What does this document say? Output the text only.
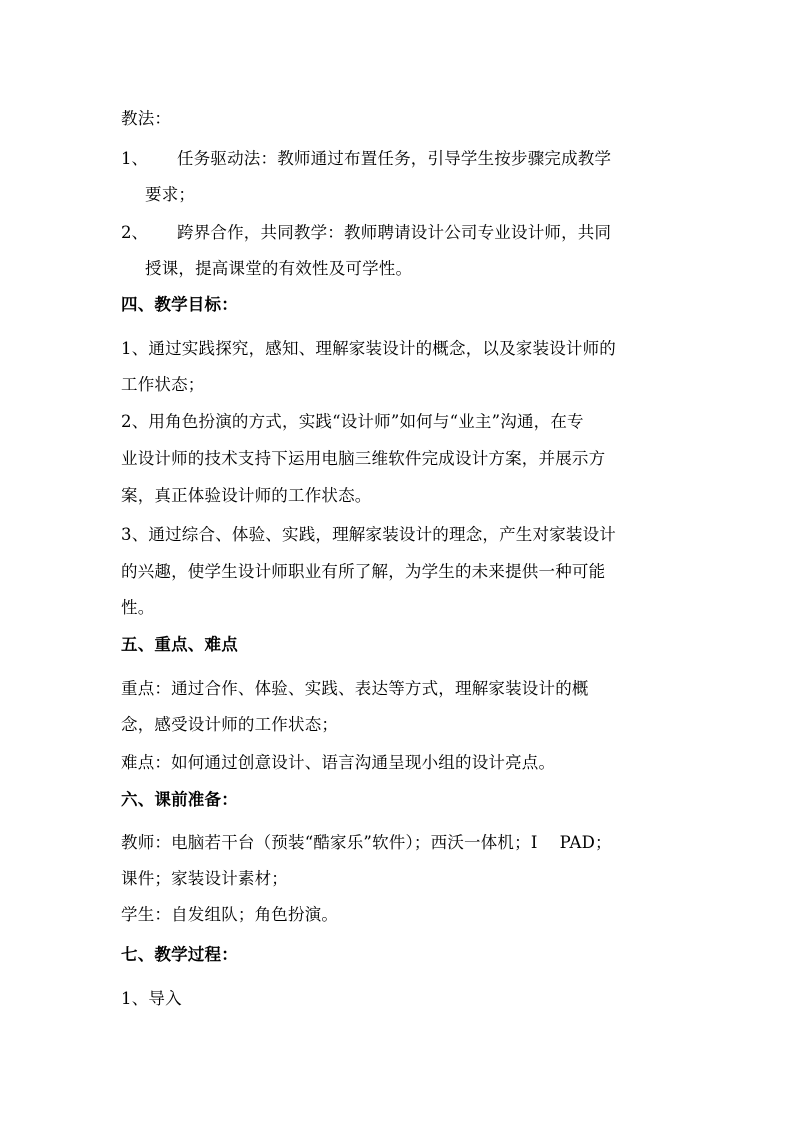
教法：
1、 任务驱动法：教师通过布置任务，引导学生按步骤完成教学
要求；
2、 跨界合作，共同教学：教师聘请设计公司专业设计师，共同
授课，提高课堂的有效性及可学性。
四、教学目标：
1、通过实践探究，感知、理解家装设计的概念，以及家装设计师的
工作状态；
2、用角色扮演的方式，实践“设计师”如何与“业主”沟通，在专
业设计师的技术支持下运用电脑三维软件完成设计方案，并展示方
案，真正体验设计师的工作状态。
3、通过综合、体验、实践，理解家装设计的理念，产生对家装设计
的兴趣，使学生设计师职业有所了解，为学生的未来提供一种可能
性。
五、重点、难点
重点：通过合作、体验、实践、表达等方式，理解家装设计的概
念，感受设计师的工作状态；
难点：如何通过创意设计、语言沟通呈现小组的设计亮点。
六、课前准备：
教师：电脑若干台（预装“酷家乐”软件）；西沃一体机；I　 PAD；
课件；家装设计素材；
学生：自发组队；角色扮演。
七、教学过程：
1、导入
